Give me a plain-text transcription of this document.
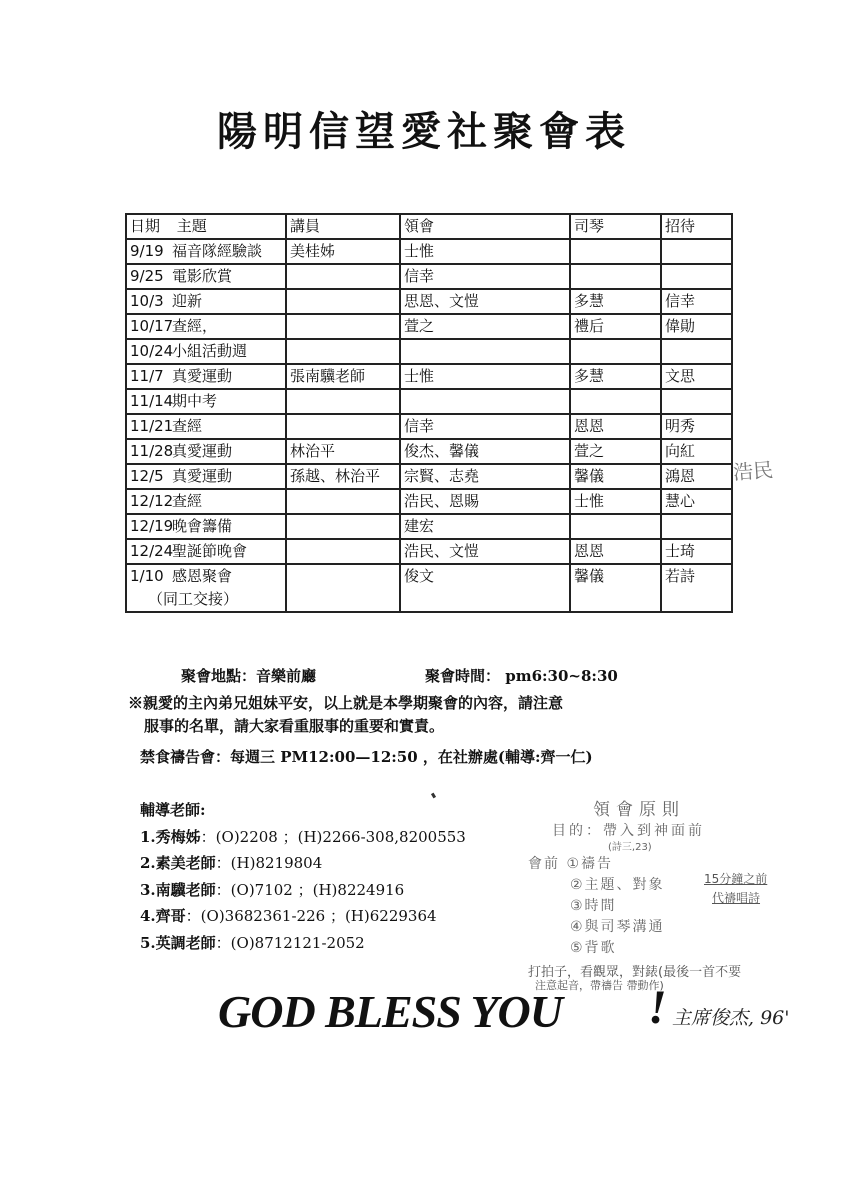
陽明信望愛社聚會表
日期 主題	講員	領會	司琴	招待
9/19 福音隊經驗談	美桂姊	士惟		
9/25 電影欣賞		信幸		
10/3 迎新		思恩、文愷	多慧	信幸
10/17查經，		萱之	禮后	偉勛
10/24小組活動週				
11/7 真愛運動	張南驥老師	士惟	多慧	文思
11/14期中考				
11/21查經		信幸	恩恩	明秀
11/28真愛運動	林治平	俊杰、馨儀	萱之	向紅
12/5 真愛運動	孫越、林治平	宗賢、志堯	馨儀	鴻恩
12/12查經		浩民、恩賜	士惟	慧心
12/19晚會籌備		建宏		
12/24聖誕節晚會		浩民、文愷	恩恩	士琦
1/10 感恩聚會
（同工交接）		俊文	馨儀	若詩
浩民
聚會地點：音樂前廳	聚會時間： pm6:30~8:30
※親愛的主內弟兄姐妹平安，以上就是本學期聚會的內容，請注意
服事的名單，請大家看重服事的重要和實責。
禁食禱告會：每週三 PM12:00—12:50 ，在社辦處(輔導:齊一仁)
輔導老師:
1.秀梅姊：(O)2208 ；(H)2266-308,8200553
2.素美老師：(H)8219804
3.南驥老師：(O)7102 ；(H)8224916
4.齊哥：(O)3682361-226 ；(H)6229364
5.英調老師：(O)8712121-2052
領會原則
目的：帶入到神面前
(詩三,23)
會前 ①禱告
②主題、對象
③時間
④與司琴溝通
⑤背歌
15分鐘之前
代禱唱詩
打拍子，看觀眾，對錶(最後一首不要
注意起音，帶禱告 帶動作)
GOD BLESS YOU ! 主席俊杰, 96'
